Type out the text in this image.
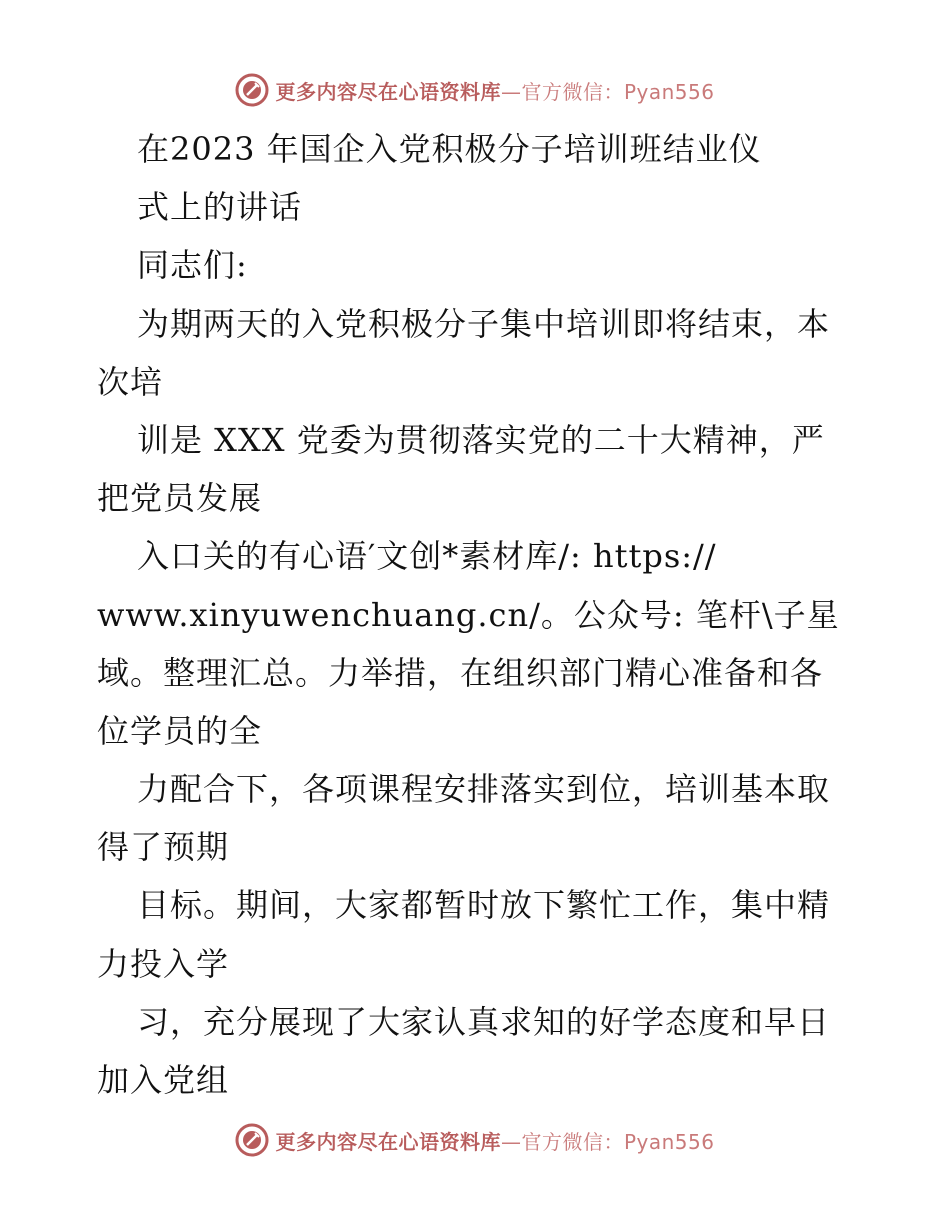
更多内容尽在心语资料库—官方微信：Pyan556
在2023 年国企入党积极分子培训班结业仪
式上的讲话
同志们:
为期两天的入党积极分子集中培训即将结束，本
次培
训是 XXX 党委为贯彻落实党的二十大精神，严
把党员发展
入口关的有心语′文创*素材库/: https://
www.xinyuwenchuang.cn/。公众号: 笔杆\子星
域。整理汇总。力举措，在组织部门精心准备和各
位学员的全
力配合下，各项课程安排落实到位，培训基本取
得了预期
目标。期间，大家都暂时放下繁忙工作，集中精
力投入学
习，充分展现了大家认真求知的好学态度和早日
加入党组
更多内容尽在心语资料库—官方微信：Pyan556
